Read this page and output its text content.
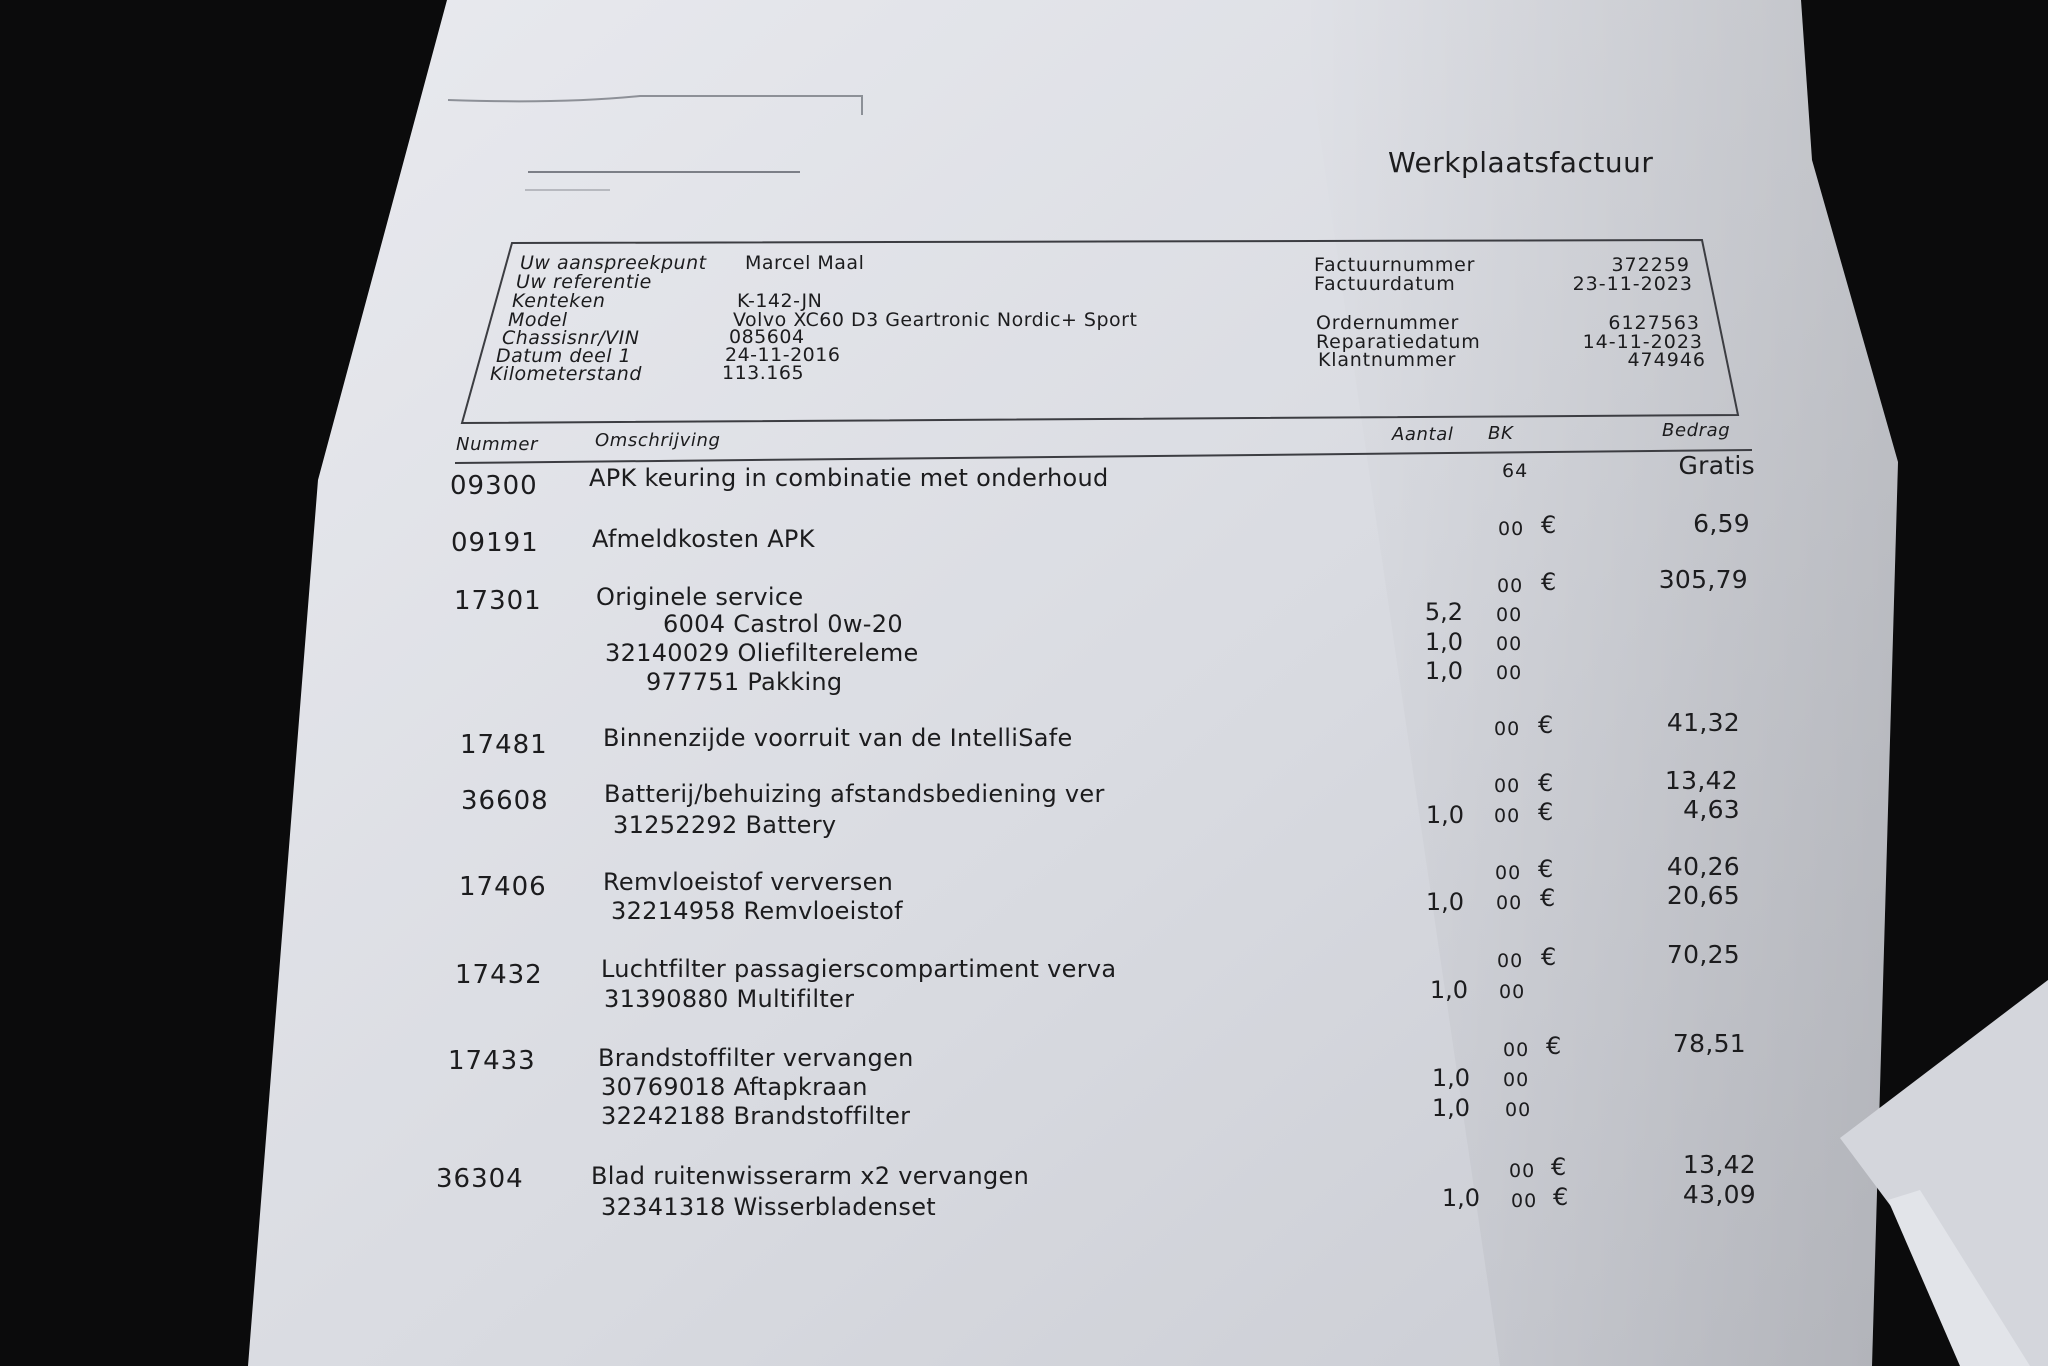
Werkplaatsfactuur
Uw aanspreekpunt Marcel Maal
Uw referentie
Kenteken	K-142-JN
Model	Volvo XC60 D3 Geartronic Nordic+ Sport
Chassisnr/VIN	085604
Datum deel 1	24-11-2016
Kilometerstand	113.165
Factuurnummer	372259
Factuurdatum	23-11-2023
Ordernummer	6127563
Reparatiedatum	14-11-2023
Klantnummer	474946
Nummer	Omschrijving	Aantal BK	Bedrag
09300 APK keuring in combinatie met onderhoud	64	Gratis
09191 Afmeldkosten APK	00 €	6,59
17301 Originele service	00 €	305,79
6004 Castrol 0w-20	5,2 00
32140029 Oliefiltereleme	1,0 00
977751 Pakking	1,0 00
17481 Binnenzijde voorruit van de IntelliSafe	00 €	41,32
36608 Batterij/behuizing afstandsbediening ver	00 €	13,42
31252292 Battery	1,0 00 €	4,63
17406 Remvloeistof verversen	00 €	40,26
32214958 Remvloeistof	1,0 00 €	20,65
17432 Luchtfilter passagierscompartiment verva	00 €	70,25
31390880 Multifilter	1,0 00
17433	Brandstoffilter vervangen	00 €	78,51
30769018 Aftapkraan	1,0 00
32242188 Brandstoffilter	1,0 00
36304	Blad ruitenwisserarm x2 vervangen	00 €	13,42
32341318 Wisserbladenset	1,0 00 €	43,09
